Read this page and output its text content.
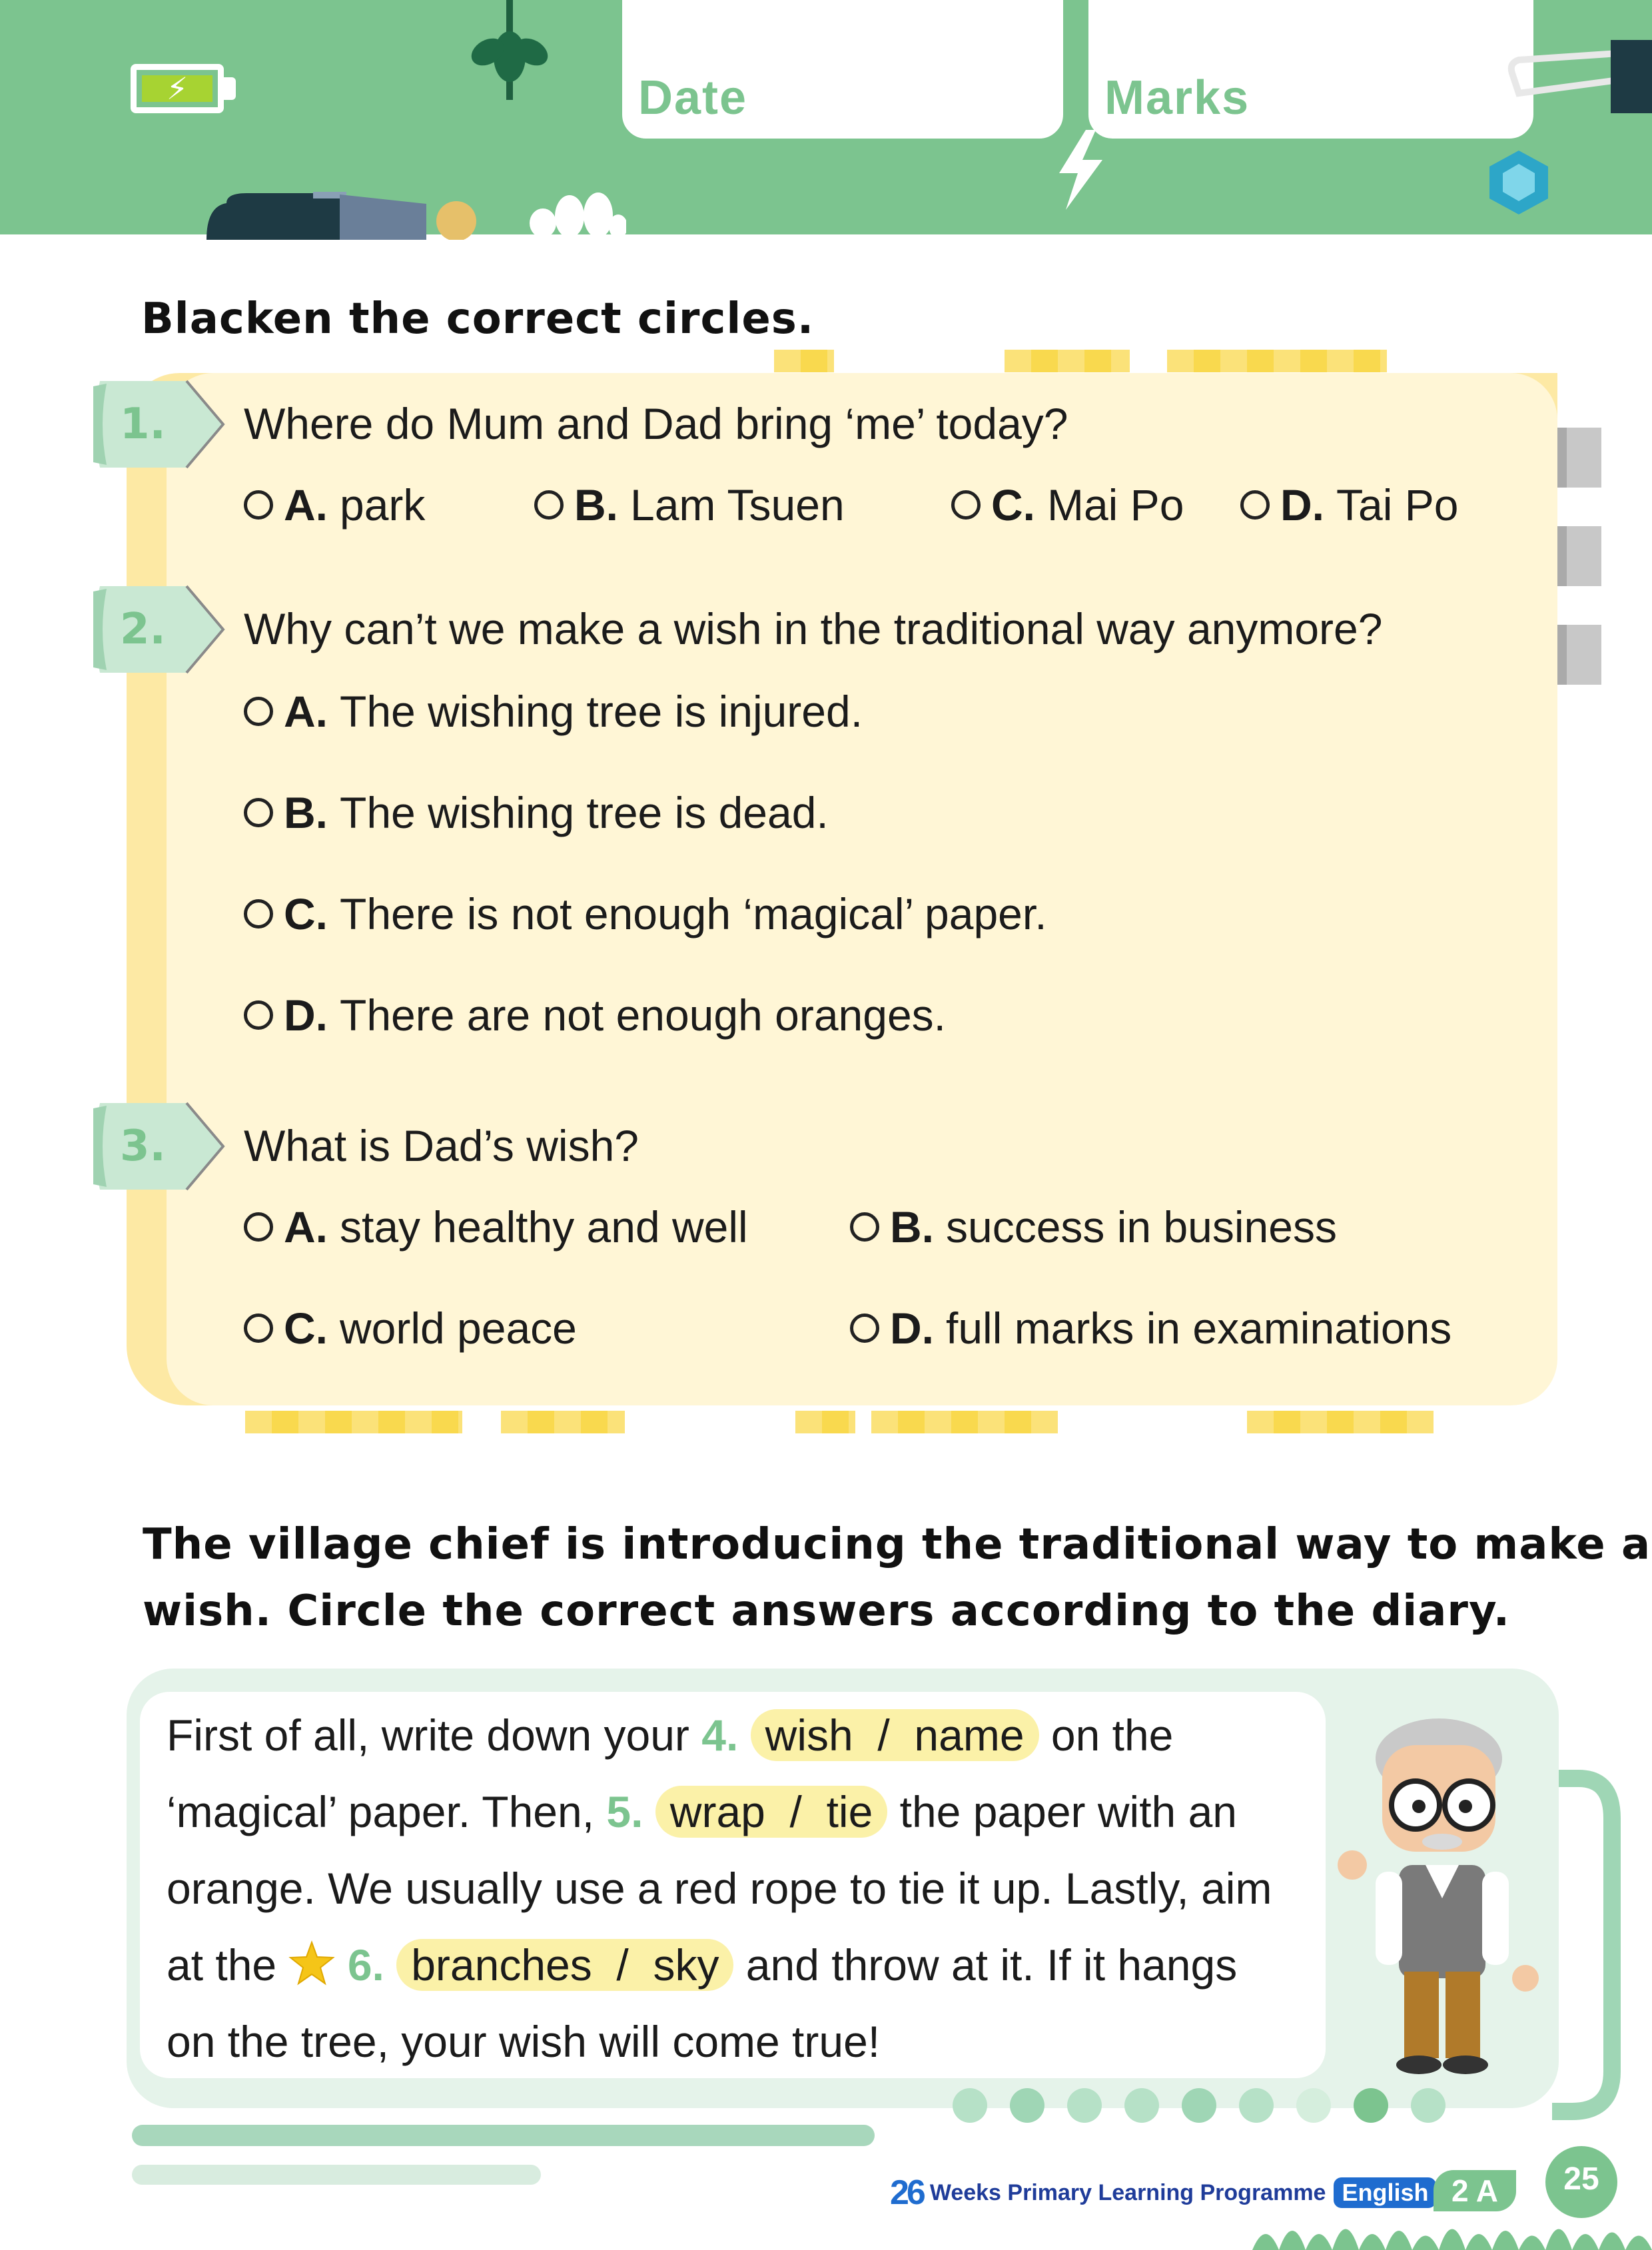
⚡	Date	Marks
Blacken the correct circles.
1. Where do Mum and Dad bring ‘me’ today?
A. park	B. Lam Tsuen	C. Mai Po D. Tai Po
2. Why can’t we make a wish in the traditional way anymore?
A. The wishing tree is injured.
B. The wishing tree is dead.
C. There is not enough ‘magical’ paper.
D. There are not enough oranges.
3. What is Dad’s wish?
A. stay healthy and well	B. success in business
C. world peace	D. full marks in examinations
The village chief is introducing the traditional way to make a
wish. Circle the correct answers according to the diary.
First of all, write down your 4. wish / name on the
‘magical’ paper. Then, 5. wrap / tie the paper with an
orange. We usually use a red rope to tie it up. Lastly, aim
at the 6. branches / sky and throw at it. If it hangs
on the tree, your wish will come true!
26 Weeks Primary Learning Programme English 2 A	25
